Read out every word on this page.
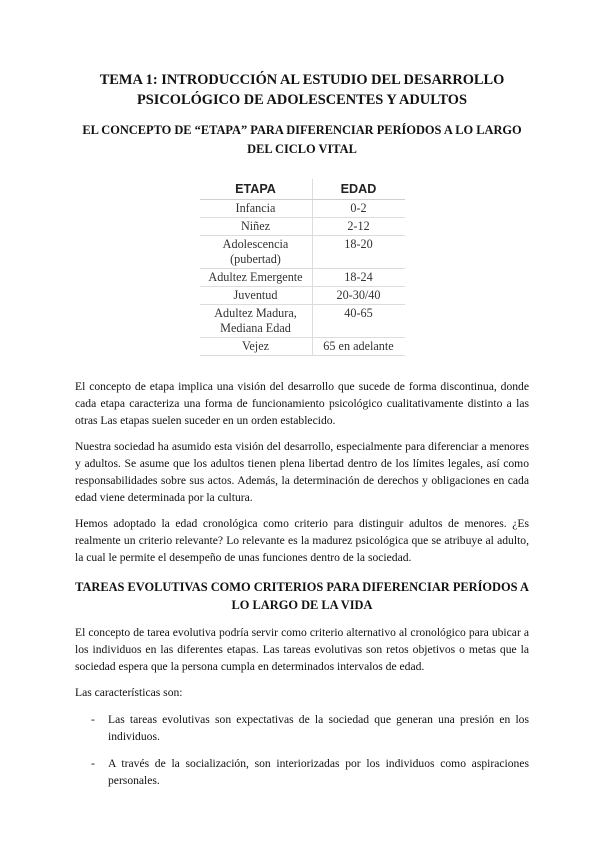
TEMA 1: INTRODUCCIÓN AL ESTUDIO DEL DESARROLLO PSICOLÓGICO DE ADOLESCENTES Y ADULTOS
EL CONCEPTO DE “ETAPA” PARA DIFERENCIAR PERÍODOS A LO LARGO DEL CICLO VITAL
ETAPA	EDAD
Infancia	0-2
Niñez	2-12
Adolescencia (pubertad)	18-20
Adultez Emergente	18-24
Juventud	20-30/40
Adultez Madura, Mediana Edad	40-65
Vejez	65 en adelante

El concepto de etapa implica una visión del desarrollo que sucede de forma discontinua, donde cada etapa caracteriza una forma de funcionamiento psicológico cualitativamente distinto a las otras Las etapas suelen suceder en un orden establecido.

Nuestra sociedad ha asumido esta visión del desarrollo, especialmente para diferenciar a menores y adultos. Se asume que los adultos tienen plena libertad dentro de los límites legales, así como responsabilidades sobre sus actos. Además, la determinación de derechos y obligaciones en cada edad viene determinada por la cultura.

Hemos adoptado la edad cronológica como criterio para distinguir adultos de menores. ¿Es realmente un criterio relevante? Lo relevante es la madurez psicológica que se atribuye al adulto, la cual le permite el desempeño de unas funciones dentro de la sociedad.

TAREAS EVOLUTIVAS COMO CRITERIOS PARA DIFERENCIAR PERÍODOS A LO LARGO DE LA VIDA

El concepto de tarea evolutiva podría servir como criterio alternativo al cronológico para ubicar a los individuos en las diferentes etapas. Las tareas evolutivas son retos objetivos o metas que la sociedad espera que la persona cumpla en determinados intervalos de edad.

Las características son:

- Las tareas evolutivas son expectativas de la sociedad que generan una presión en los individuos.
- A través de la socialización, son interiorizadas por los individuos como aspiraciones personales.
